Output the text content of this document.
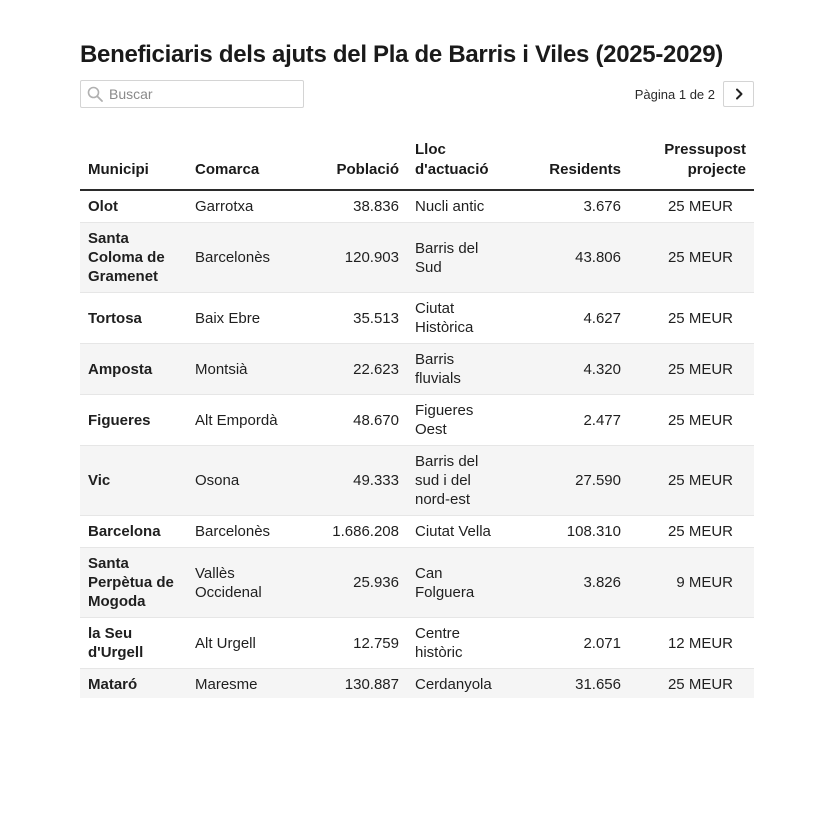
Beneficiaris dels ajuts del Pla de Barris i Viles (2025-2029)
Buscar
Pàgina 1 de 2
Municipi	Comarca	Població	Lloc d'actuació	Residents	Pressupost projecte
Olot	Garrotxa	38.836	Nucli antic	3.676	25 MEUR
Santa Coloma de Gramenet	Barcelonès	120.903	Barris del Sud	43.806	25 MEUR
Tortosa	Baix Ebre	35.513	Ciutat Històrica	4.627	25 MEUR
Amposta	Montsià	22.623	Barris fluvials	4.320	25 MEUR
Figueres	Alt Empordà	48.670	Figueres Oest	2.477	25 MEUR
Vic	Osona	49.333	Barris del sud i del nord-est	27.590	25 MEUR
Barcelona	Barcelonès	1.686.208	Ciutat Vella	108.310	25 MEUR
Santa Perpètua de Mogoda	Vallès Occidenal	25.936	Can Folguera	3.826	9 MEUR
la Seu d'Urgell	Alt Urgell	12.759	Centre històric	2.071	12 MEUR
Mataró	Maresme	130.887	Cerdanyola	31.656	25 MEUR
